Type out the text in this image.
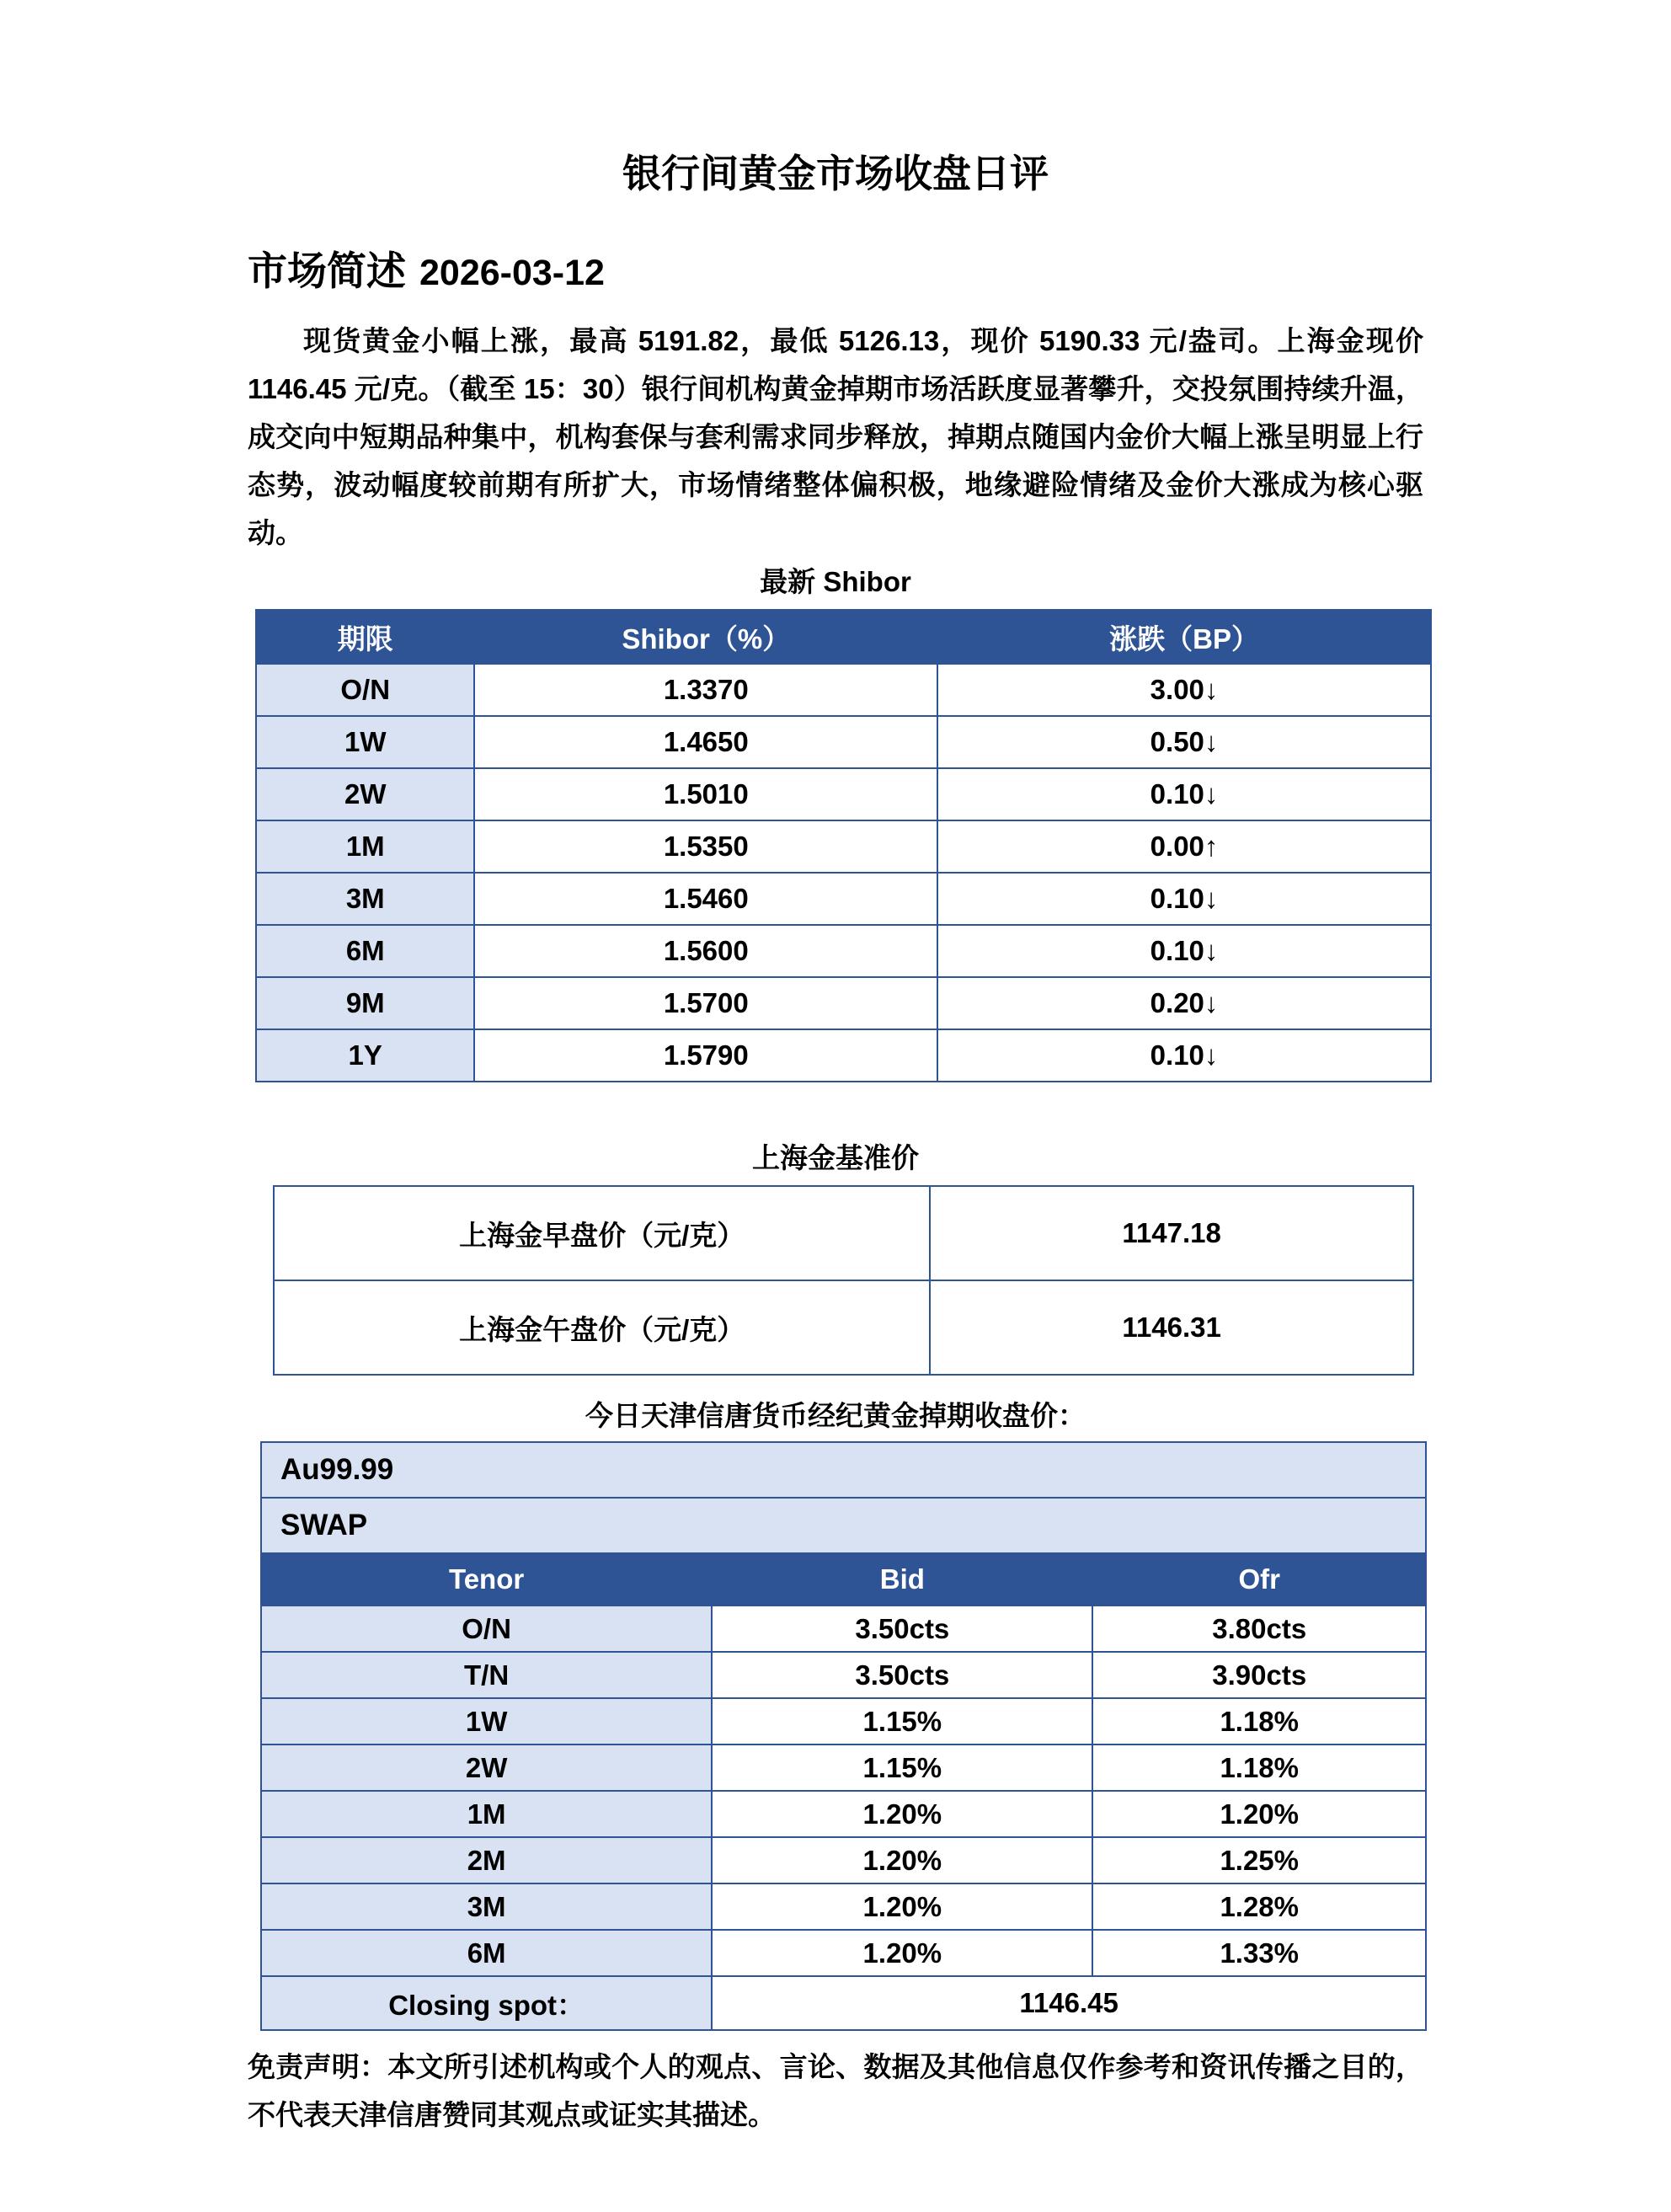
银行间黄金市场收盘日评
市场简述 2026-03-12

现货黄金小幅上涨，最高 5191.82，最低 5126.13，现价 5190.33 元/盎司。上海金现价 1146.45 元/克。（截至 15：30）银行间机构黄金掉期市场活跃度显著攀升，交投氛围持续升温，成交向中短期品种集中，机构套保与套利需求同步释放，掉期点随国内金价大幅上涨呈明显上行态势，波动幅度较前期有所扩大，市场情绪整体偏积极，地缘避险情绪及金价大涨成为核心驱动。

最新 Shibor
期限	Shibor（%）	涨跌（BP）
O/N	1.3370	3.00↓
1W	1.4650	0.50↓
2W	1.5010	0.10↓
1M	1.5350	0.00↑
3M	1.5460	0.10↓
6M	1.5600	0.10↓
9M	1.5700	0.20↓
1Y	1.5790	0.10↓
上海金基准价
上海金早盘价（元/克）	1147.18
上海金午盘价（元/克）	1146.31
今日天津信唐货币经纪黄金掉期收盘价：
Au99.99		
SWAP		
Tenor	Bid	Ofr
O/N	3.50cts	3.80cts
T/N	3.50cts	3.90cts
1W	1.15%	1.18%
2W	1.15%	1.18%
1M	1.20%	1.20%
2M	1.20%	1.25%
3M	1.20%	1.28%
6M	1.20%	1.33%
Closing spot：	1146.45	

免责声明：本文所引述机构或个人的观点、言论、数据及其他信息仅作参考和资讯传播之目的，不代表天津信唐赞同其观点或证实其描述。
